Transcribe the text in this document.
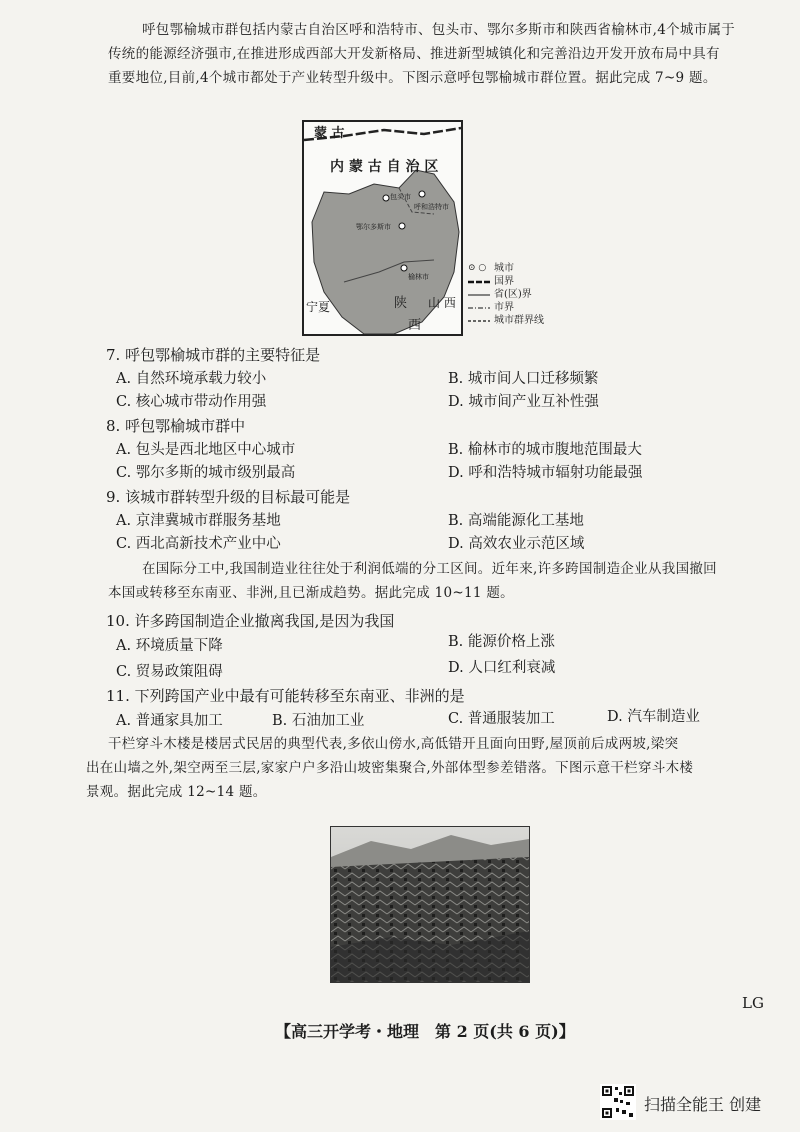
呼包鄂榆城市群包括内蒙古自治区呼和浩特市、包头市、鄂尔多斯市和陕西省榆林市,4个城市属于
传统的能源经济强市,在推进形成西部大开发新格局、推进新型城镇化和完善沿边开发开放布局中具有
重要地位,目前,4个城市都处于产业转型升级中。下图示意呼包鄂榆城市群位置。据此完成 7~9 题。
蒙 古
内 蒙 古 自 治 区
包头市
呼和浩特市
鄂尔多斯市
榆林市
宁夏	陕
西
山 西
⊙ ○ 城市
国界
省(区)界
市界
城市群界线
7. 呼包鄂榆城市群的主要特征是
A. 自然环境承载力较小	B. 城市间人口迁移频繁
C. 核心城市带动作用强	D. 城市间产业互补性强
8. 呼包鄂榆城市群中
A. 包头是西北地区中心城市	B. 榆林市的城市腹地范围最大
C. 鄂尔多斯的城市级别最高	D. 呼和浩特城市辐射功能最强
9. 该城市群转型升级的目标最可能是
A. 京津冀城市群服务基地	B. 高端能源化工基地
C. 西北高新技术产业中心	D. 高效农业示范区域
在国际分工中,我国制造业往往处于利润低端的分工区间。近年来,许多跨国制造企业从我国撤回
本国或转移至东南亚、非洲,且已渐成趋势。据此完成 10~11 题。
10. 许多跨国制造企业撤离我国,是因为我国
A. 环境质量下降	B. 能源价格上涨
C. 贸易政策阻碍	D. 人口红利衰减
11. 下列跨国产业中最有可能转移至东南亚、非洲的是
A. 普通家具加工	B. 石油加工业	C. 普通服装加工	D. 汽车制造业
干栏穿斗木楼是楼居式民居的典型代表,多依山傍水,高低错开且面向田野,屋顶前后成两坡,梁突
出在山墙之外,架空两至三层,家家户户多沿山坡密集聚合,外部体型参差错落。下图示意干栏穿斗木楼
景观。据此完成 12~14 题。
【高三开学考・地理　第 2 页(共 6 页)】
LG
扫描全能王 创建
